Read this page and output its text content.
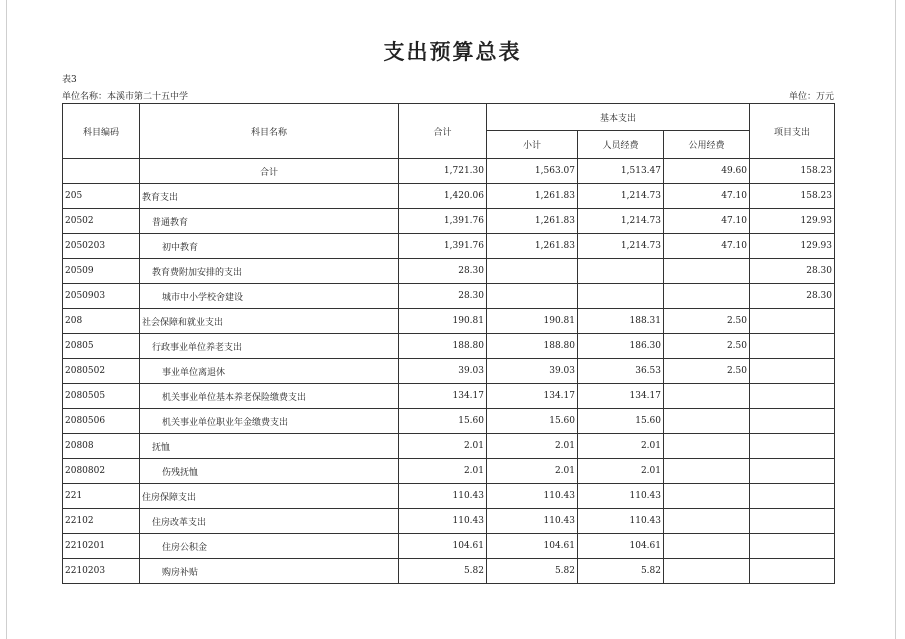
支出预算总表
表3
单位名称：本溪市第二十五中学	单位：万元
科目编码	科目名称	合计	基本支出			项目支出
			小计	人员经费	公用经费	
	合计	1,721.30	1,563.07	1,513.47	49.60	158.23
205	教育支出	1,420.06	1,261.83	1,214.73	47.10	158.23
20502	普通教育	1,391.76	1,261.83	1,214.73	47.10	129.93
2050203	初中教育	1,391.76	1,261.83	1,214.73	47.10	129.93
20509	教育费附加安排的支出	28.30				28.30
2050903	城市中小学校舍建设	28.30				28.30
208	社会保障和就业支出	190.81	190.81	188.31	2.50	
20805	行政事业单位养老支出	188.80	188.80	186.30	2.50	
2080502	事业单位离退休	39.03	39.03	36.53	2.50	
2080505	机关事业单位基本养老保险缴费支出	134.17	134.17	134.17		
2080506	机关事业单位职业年金缴费支出	15.60	15.60	15.60		
20808	抚恤	2.01	2.01	2.01		
2080802	伤残抚恤	2.01	2.01	2.01		
221	住房保障支出	110.43	110.43	110.43		
22102	住房改革支出	110.43	110.43	110.43		
2210201	住房公积金	104.61	104.61	104.61		
2210203	购房补贴	5.82	5.82	5.82		
